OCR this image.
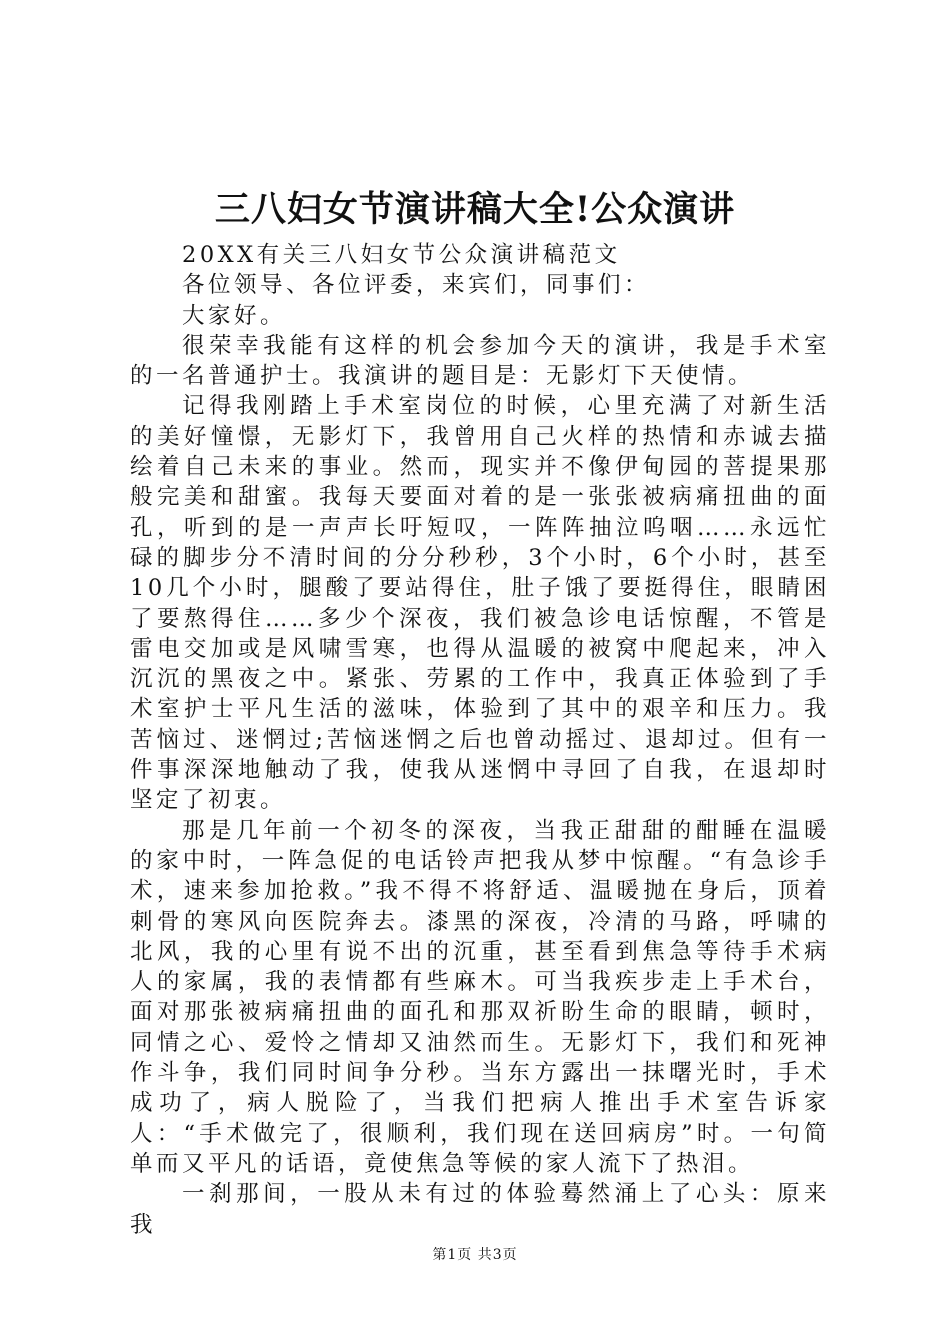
三八妇女节演讲稿大全!公众演讲

20XX有关三八妇女节公众演讲稿范文

各位领导、各位评委，来宾们，同事们：

大家好。

很荣幸我能有这样的机会参加今天的演讲，我是手术室的一名普通护士。我演讲的题目是：无影灯下天使情。

记得我刚踏上手术室岗位的时候，心里充满了对新生活的美好憧憬，无影灯下，我曾用自己火样的热情和赤诚去描绘着自己未来的事业。然而，现实并不像伊甸园的菩提果那般完美和甜蜜。我每天要面对着的是一张张被病痛扭曲的面孔，听到的是一声声长吁短叹，一阵阵抽泣呜咽……永远忙碌的脚步分不清时间的分分秒秒，3个小时，6个小时，甚至10几个小时，腿酸了要站得住，肚子饿了要挺得住，眼睛困了要熬得住……多少个深夜，我们被急诊电话惊醒，不管是雷电交加或是风啸雪寒，也得从温暖的被窝中爬起来，冲入沉沉的黑夜之中。紧张、劳累的工作中，我真正体验到了手术室护士平凡生活的滋味，体验到了其中的艰辛和压力。我苦恼过、迷惘过;苦恼迷惘之后也曾动摇过、退却过。但有一件事深深地触动了我，使我从迷惘中寻回了自我，在退却时坚定了初衷。

那是几年前一个初冬的深夜，当我正甜甜的酣睡在温暖的家中时，一阵急促的电话铃声把我从梦中惊醒。“有急诊手术，速来参加抢救。”我不得不将舒适、温暖抛在身后，顶着刺骨的寒风向医院奔去。漆黑的深夜，冷清的马路，呼啸的北风，我的心里有说不出的沉重，甚至看到焦急等待手术病人的家属，我的表情都有些麻木。可当我疾步走上手术台，面对那张被病痛扭曲的面孔和那双祈盼生命的眼睛，顿时，同情之心、爱怜之情却又油然而生。无影灯下，我们和死神作斗争，我们同时间争分秒。当东方露出一抹曙光时，手术成功了，病人脱险了，当我们把病人推出手术室告诉家人：“手术做完了，很顺利，我们现在送回病房”时。一句简单而又平凡的话语，竟使焦急等候的家人流下了热泪。

一刹那间，一股从未有过的体验蓦然涌上了心头：原来我

第1页 共3页
